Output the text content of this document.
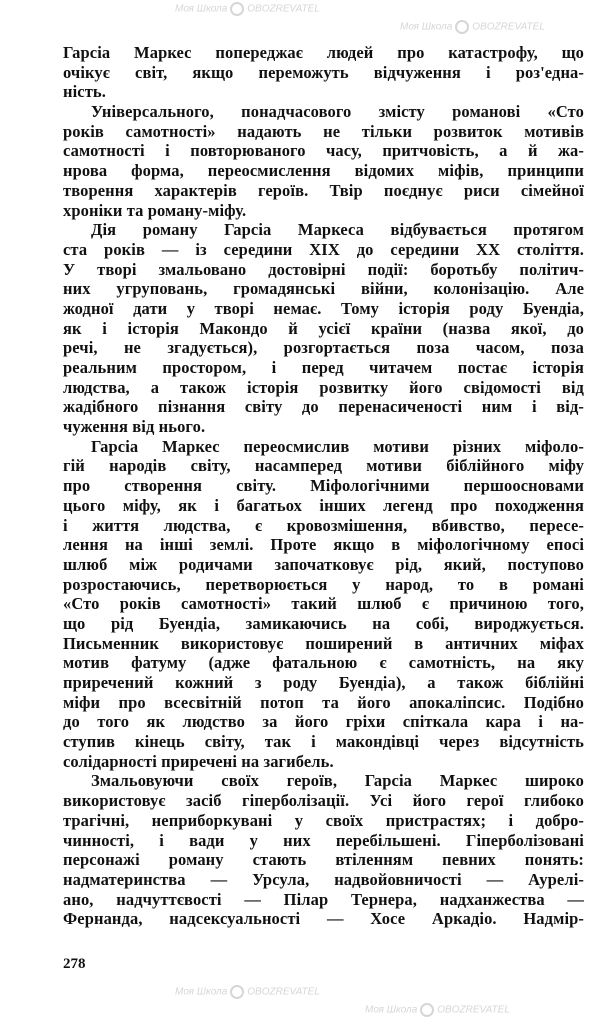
Моя Школа OBOZREVATEL
Моя Школа OBOZREVATEL
Моя Школа OBOZREVATEL
Моя Школа OBOZREVATEL
Гарсіа Маркес попереджає людей про катастрофу, що
очікує світ, якщо переможуть відчуження і роз'една-
ність.
Універсального, понадчасового змісту романові «Сто
років самотності» надають не тільки розвиток мотивів
самотності і повторюваного часу, притчовість, а й жа-
нрова форма, переосмислення відомих міфів, принципи
творення характерів героїв. Твір поєднує риси сімейної
хроніки та роману-міфу.
Дія роману Гарсіа Маркеса відбувається протягом
ста років — із середини XIX до середини XX століття.
У творі змальовано достовірні події: боротьбу політич-
них угруповань, громадянські війни, колонізацію. Але
жодної дати у творі немає. Тому історія роду Буендіа,
як і історія Макондо й усієї країни (назва якої, до
речі, не згадується), розгортається поза часом, поза
реальним простором, і перед читачем постає історія
людства, а також історія розвитку його свідомості від
жадібного пізнання світу до перенасиченості ним і від-
чуження від нього.
Гарсіа Маркес переосмислив мотиви різних міфоло-
гій народів світу, насамперед мотиви біблійного міфу
про створення світу. Міфологічними першоосновами
цього міфу, як і багатьох інших легенд про походження
і життя людства, є кровозмішення, вбивство, пересе-
лення на інші землі. Проте якщо в міфологічному епосі
шлюб між родичами започатковує рід, який, поступово
розростаючись, перетворюється у народ, то в романі
«Сто років самотності» такий шлюб є причиною того,
що рід Буендіа, замикаючись на собі, вироджується.
Письменник використовує поширений в античних міфах
мотив фатуму (адже фатальною є самотність, на яку
приречений кожний з роду Буендіа), а також біблійні
міфи про всесвітній потоп та його апокаліпсис. Подібно
до того як людство за його гріхи спіткала кара і на-
ступив кінець світу, так і макондівці через відсутність
солідарності приречені на загибель.
Змальовуючи своїх героїв, Гарсіа Маркес широко
використовує засіб гіперболізації. Усі його герої глибоко
трагічні, неприборкувані у своїх пристрастях; і добро-
чинності, і вади у них перебільшені. Гіперболізовані
персонажі роману стають втіленням певних понять:
надматеринства — Урсула, надвойовничості — Аурелі-
ано, надчуттєвості — Пілар Тернера, надханжества —
Фернанда, надсексуальності — Хосе Аркадіо. Надмір-
278
